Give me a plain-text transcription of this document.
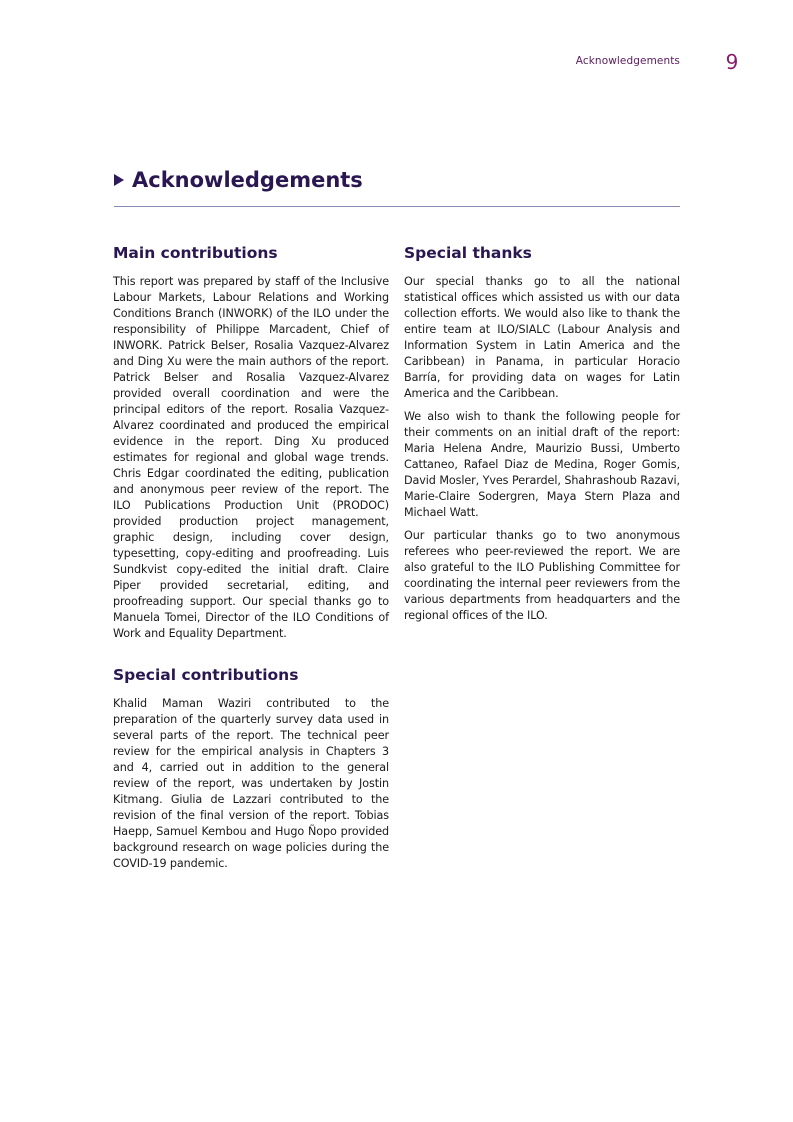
Acknowledgements 9
Acknowledgements
Main contributions

This report was prepared by staff of the Inclusive Labour Markets, Labour Relations and Working Conditions Branch (INWORK) of the ILO under the responsibility of Philippe Marcadent, Chief of INWORK. Patrick Belser, Rosalia Vazquez-Alvarez and Ding Xu were the main authors of the report. Patrick Belser and Rosalia Vazquez-Alvarez provided overall coordination and were the principal editors of the report. Rosalia Vazquez-Alvarez coordinated and produced the empirical evidence in the report. Ding Xu produced estimates for regional and global wage trends. Chris Edgar coordinated the editing, publication and anonymous peer review of the report. The ILO Publications Production Unit (PRODOC) provided production project management, graphic design, including cover design, typesetting, copy-editing and proofreading. Luis Sundkvist copy-edited the initial draft. Claire Piper provided secretarial, editing, and proofreading support. Our special thanks go to Manuela Tomei, Director of the ILO Conditions of Work and Equality Department.

Special contributions

Khalid Maman Waziri contributed to the preparation of the quarterly survey data used in several parts of the report. The technical peer review for the empirical analysis in Chapters 3 and 4, carried out in addition to the general review of the report, was undertaken by Jostin Kitmang. Giulia de Lazzari contributed to the revision of the final version of the report. Tobias Haepp, Samuel Kembou and Hugo Ñopo provided background research on wage policies during the COVID-19 pandemic.

Special thanks

Our special thanks go to all the national statistical offices which assisted us with our data collection efforts. We would also like to thank the entire team at ILO/SIALC (Labour Analysis and Information System in Latin America and the Caribbean) in Panama, in particular Horacio Barría, for providing data on wages for Latin America and the Caribbean.

We also wish to thank the following people for their comments on an initial draft of the report: Maria Helena Andre, Maurizio Bussi, Umberto Cattaneo, Rafael Diaz de Medina, Roger Gomis, David Mosler, Yves Perardel, Shahrashoub Razavi, Marie-Claire Sodergren, Maya Stern Plaza and Michael Watt.

Our particular thanks go to two anonymous referees who peer-reviewed the report. We are also grateful to the ILO Publishing Committee for coordinating the internal peer reviewers from the various departments from headquarters and the regional offices of the ILO.
